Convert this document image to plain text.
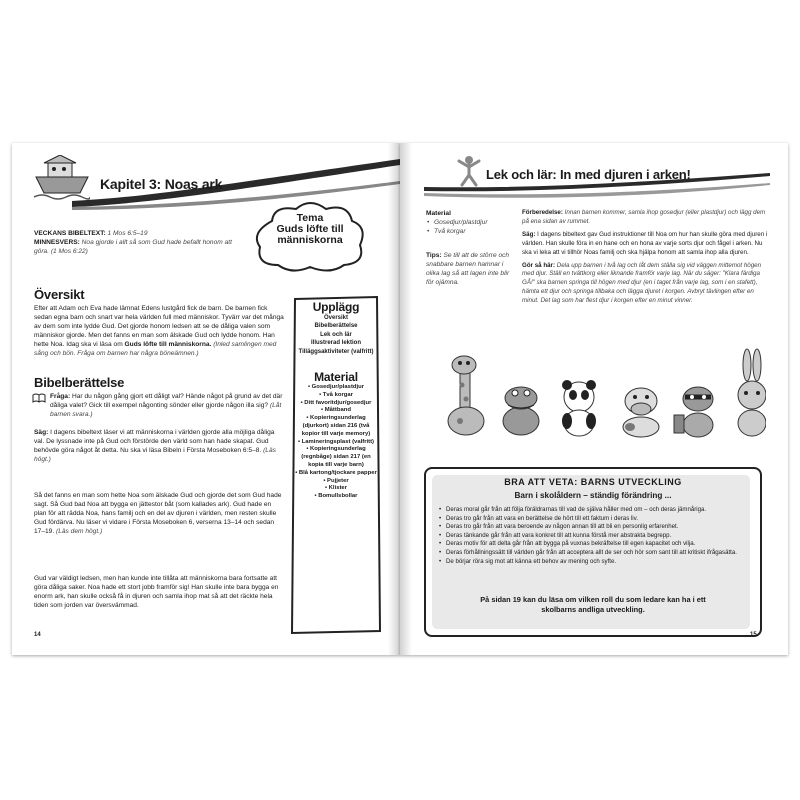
Kapitel 3: Noas ark

VECKANS BIBELTEXT: 1 Mos 6:5–19

MINNESVERS: Noa gjorde i allt så som Gud hade befallt honom att göra. (1 Mos 6:22)

Tema
Guds löfte till människorna
Översikt
Efter att Adam och Eva hade lämnat Edens lustgård fick de barn. De barnen fick sedan egna barn och snart var hela världen full med människor. Tyvärr var det många av dem som inte lydde Gud. Det gjorde honom ledsen att se de dåliga valen som människor gjorde. Men det fanns en man som älskade Gud och lydde honom. Han hette Noa. Idag ska vi läsa om Guds löfte till människorna. (Inled samlingen med sång och bön. Fråga om barnen har några böneämnen.)
Bibelberättelse
Fråga: Har du någon gång gjort ett dåligt val? Hände något på grund av det där dåliga valet? Gick till exempel någonting sönder eller gjorde någon illa sig? (Låt barnen svara.)
Säg: I dagens bibeltext läser vi att människorna i världen gjorde alla möjliga dåliga val. De lyssnade inte på Gud och förstörde den värld som han hade skapat. Gud behövde göra något åt detta. Nu ska vi läsa Bibeln i Första Moseboken 6:5–8. (Läs högt.)
Så det fanns en man som hette Noa som älskade Gud och gjorde det som Gud hade sagt. Så Gud bad Noa att bygga en jättestor båt (som kallades ark). Gud hade en plan för att rädda Noa, hans familj och en del av djuren i världen, men resten skulle Gud fördärva. Nu läser vi vidare i Första Moseboken 6, verserna 13–14 och sedan 17–19. (Läs dem högt.)
Gud var väldigt ledsen, men han kunde inte tillåta att människorna bara fortsatte att göra dåliga saker. Noa hade ett stort jobb framför sig! Han skulle inte bara bygga en enorm ark, han skulle också få in djuren och samla ihop mat så att det räckte hela tiden som jorden var översvämmad.
14
Upplägg
Översikt
Bibelberättelse
Lek och lär
Illustrerad lektion
Tilläggsaktiviteter (valfritt)
Material
• Gosedjur/plastdjur
• Två korgar
• Ditt favoritdjur/gosedjur
• Måttband
• Kopieringsunderlag (djurkort) sidan 216 (två kopior till varje memory)
• Lamineringsplast (valfritt)
• Kopieringsunderlag (regnbåge) sidan 217 (en kopia till varje barn)
• Blå kartong/tjockare papper
• Pujjeter
• Klister
• Bomullsbollar
Lek och lär: In med djuren i arken!
Material
• Gosedjur/plastdjur
• Två korgar
Tips: Se till att de större och snabbare barnen hamnar i olika lag så att lagen inte blir för ojämna.

Förberedelse: Innan barnen kommer, samla ihop gosedjur (eller plastdjur) och lägg dem på ena sidan av rummet.

Säg: I dagens bibeltext gav Gud instruktioner till Noa om hur han skulle göra med djuren i världen. Han skulle föra in en hane och en hona av varje sorts djur och fågel i arken. Nu ska vi leka att vi tillhör Noas familj och ska hjälpa honom att samla ihop alla djuren.

Gör så här: Dela upp barnen i två lag och låt dem ställa sig vid väggen mittemot högen med djur. Ställ en tvättkorg eller liknande framför varje lag. När du säger: "Klara färdiga GÅ!" ska barnen springa till högen med djur (en i taget från varje lag, som i en stafett), hämta ett djur och springa tillbaka och lägga djuret i korgen. Avbryt tävlingen efter en minut. Det lag som har flest djur i korgen efter en minut vinner.

BRA ATT VETA: BARNS UTVECKLING
Barn i skolåldern – ständig förändring ...
• Deras moral går från att följa föräldrarnas till vad de själva håller med om – och deras jämnåriga.
• Deras tro går från att vara en berättelse de hört till ett faktum i deras liv.
• Deras tro går från att vara beroende av någon annan till att bli en personlig erfarenhet.
• Deras tänkande går från att vara konkret till att kunna förstå mer abstrakta begrepp.
• Deras motiv för att delta går från att bygga på vuxnas bekräftelse till egen kapacitet och vilja.
• Deras förhållningssätt till världen går från att acceptera allt de ser och hör som sant till att kritiskt ifrågasätta.
• De börjar röra sig mot att känna ett behov av mening och syfte.
På sidan 19 kan du läsa om vilken roll du som ledare kan ha i ett skolbarns andliga utveckling.
15
